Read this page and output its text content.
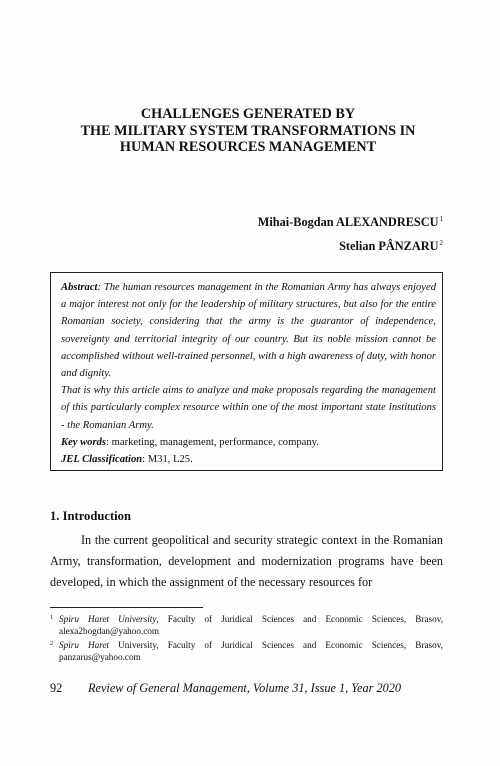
CHALLENGES GENERATED BY
THE MILITARY SYSTEM TRANSFORMATIONS IN
HUMAN RESOURCES MANAGEMENT
Mihai-Bogdan ALEXANDRESCU$^1$
Stelian PÂNZARU$^2$
Abstract: The human resources management in the Romanian Army has always enjoyed a major interest not only for the leadership of military structures, but also for the entire Romanian society, considering that the army is the guarantor of independence, sovereignty and territorial integrity of our country. But its noble mission cannot be accomplished without well-trained personnel, with a high awareness of duty, with honor and dignity.
That is why this article aims to analyze and make proposals regarding the management of this particularly complex resource within one of the most important state institutions - the Romanian Army.
Key words: marketing, management, performance, company.
JEL Classification: M31, L25.
1. Introduction
In the current geopolitical and security strategic context in the Romanian Army, transformation, development and modernization programs have been developed, in which the assignment of the necessary resources for
1 Spiru Haret University, Faculty of Juridical Sciences and Economic Sciences, Brasov, alexa2bogdan@yahoo.com
2 Spiru Haret University, Faculty of Juridical Sciences and Economic Sciences, Brasov, panzarus@yahoo.com
92 Review of General Management, Volume 31, Issue 1, Year 2020
